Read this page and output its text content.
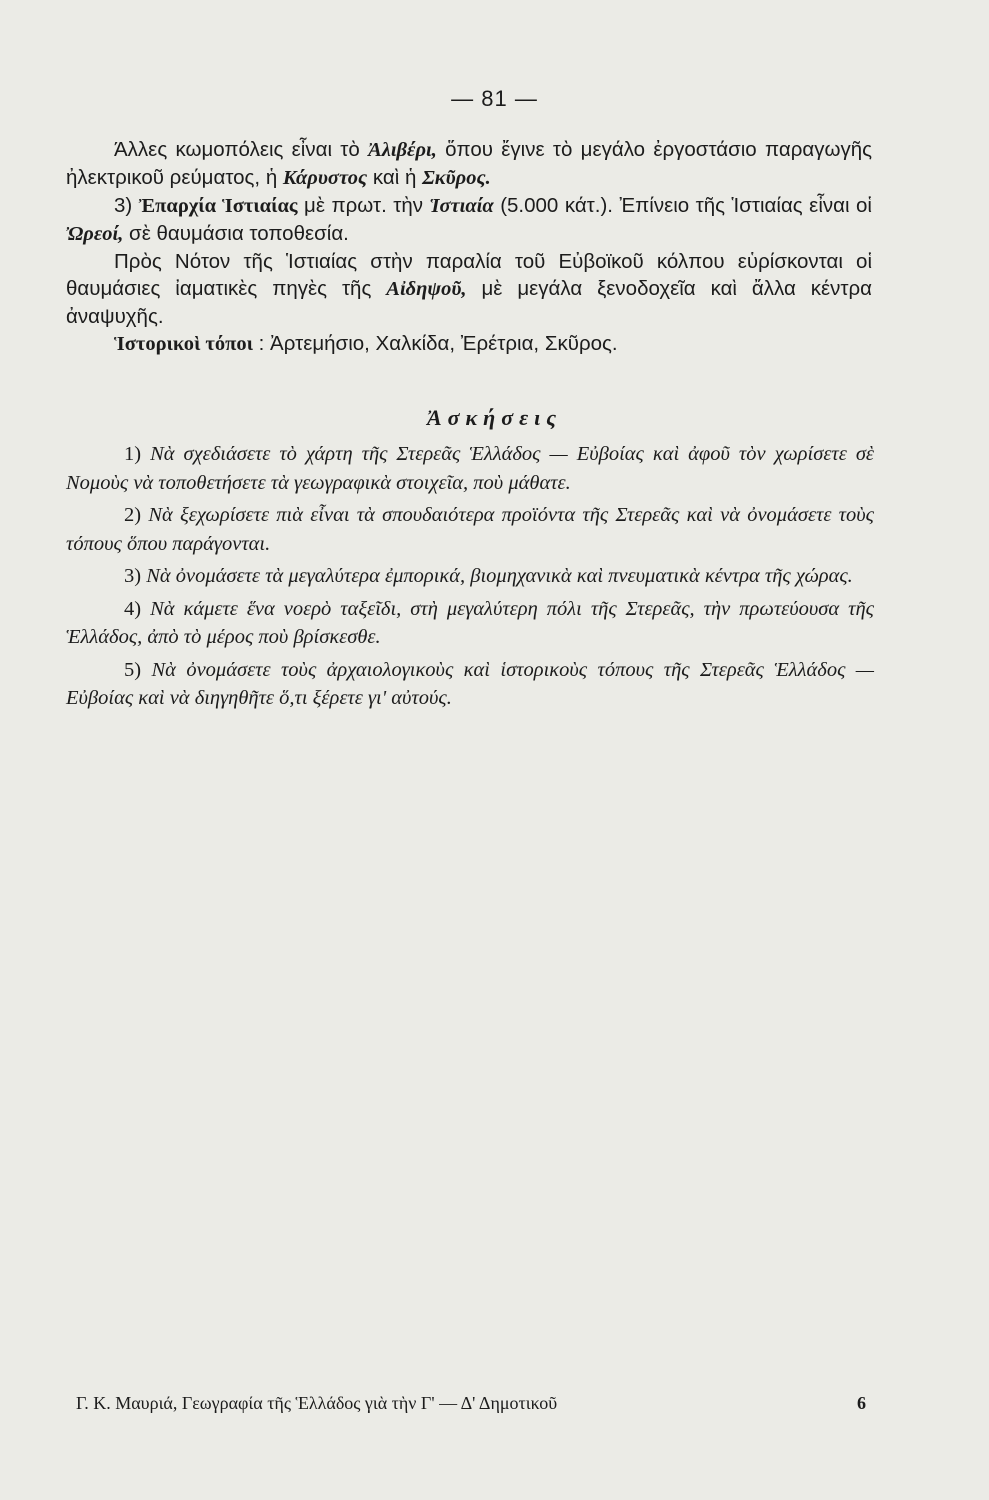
— 81 —

Άλλες κωμοπόλεις εἶναι τὸ Ἀλιβέρι, ὅπου ἔγινε τὸ μεγάλο ἐργοστάσιο παραγωγῆς ἠλεκτρικοῦ ρεύματος, ἡ Κάρυστος καὶ ἡ Σκῦρος.

3) Ἐπαρχία Ἱστιαίας μὲ πρωτ. τὴν Ἱστιαία (5.000 κάτ.). Ἐπίνειο τῆς Ἱστιαίας εἶναι οἱ Ὠρεοί, σὲ θαυμάσια τοποθεσία.

Πρὸς Νότον τῆς Ἱστιαίας στὴν παραλία τοῦ Εὐβοϊκοῦ κόλπου εὑρίσκονται οἱ θαυμάσιες ἰαματικὲς πηγὲς τῆς Αἰδηψοῦ, μὲ μεγάλα ξενοδοχεῖα καὶ ἄλλα κέντρα ἀναψυχῆς.

Ἱστορικοὶ τόποι : Ἀρτεμήσιο, Χαλκίδα, Ἐρέτρια, Σκῦρος.

Ἀσκήσεις

1) Νὰ σχεδιάσετε τὸ χάρτη τῆς Στερεᾶς Ἑλλάδος — Εὐβοίας καὶ ἀφοῦ τὸν χωρίσετε σὲ Νομοὺς νὰ τοποθετήσετε τὰ γεωγραφικὰ στοιχεῖα, ποὺ μάθατε.

2) Νὰ ξεχωρίσετε πιὰ εἶναι τὰ σπουδαιότερα προϊόντα τῆς Στερεᾶς καὶ νὰ ὀνομάσετε τοὺς τόπους ὅπου παράγονται.

3) Νὰ ὀνομάσετε τὰ μεγαλύτερα ἐμπορικά, βιομηχανικὰ καὶ πνευματικὰ κέντρα τῆς χώρας.

4) Νὰ κάμετε ἕνα νοερὸ ταξεῖδι, στὴ μεγαλύτερη πόλι τῆς Στερεᾶς, τὴν πρωτεύουσα τῆς Ἑλλάδος, ἀπὸ τὸ μέρος ποὺ βρίσκεσθε.

5) Νὰ ὀνομάσετε τοὺς ἀρχαιολογικοὺς καὶ ἱστορικοὺς τόπους τῆς Στερεᾶς Ἑλλάδος — Εὐβοίας καὶ νὰ διηγηθῆτε ὅ,τι ξέρετε γι' αὐτούς.

Γ. Κ. Μαυριά, Γεωγραφία τῆς Ἑλλάδος γιὰ τὴν Γ' — Δ' Δημοτικοῦ	6
